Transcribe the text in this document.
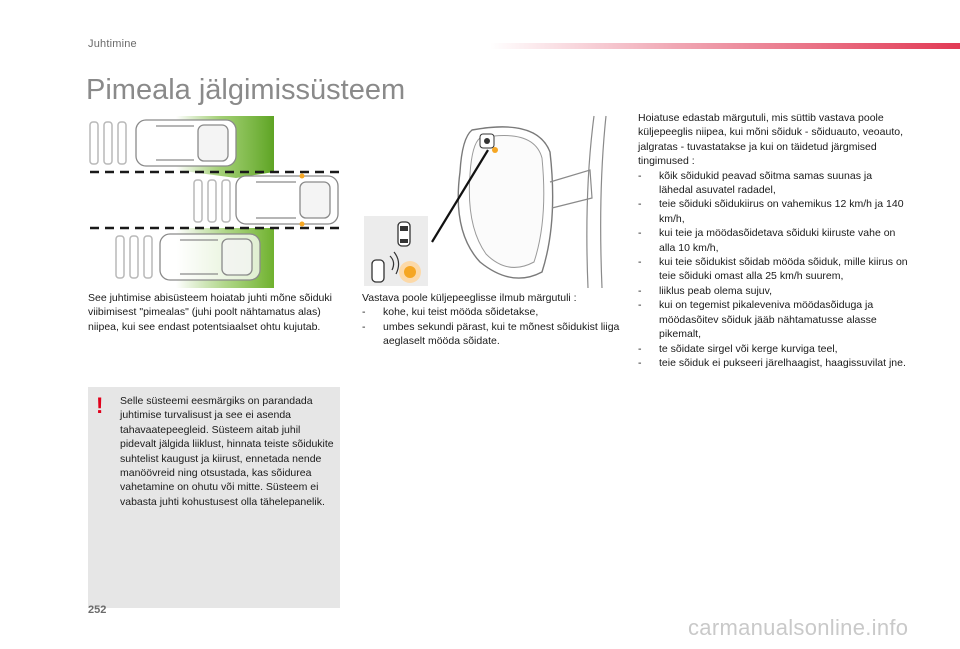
Juhtimine
Pimeala jälgimissüsteem

See juhtimise abisüsteem hoiatab juhti mõne sõiduki viibimisest "pimealas" (juhi poolt nähtamatus alas) niipea, kui see endast potentsiaalset ohtu kujutab.

! Selle süsteemi eesmärgiks on parandada juhtimise turvalisust ja see ei asenda tahavaatepeegleid. Süsteem aitab juhil pidevalt jälgida liiklust, hinnata teiste sõidukite suhtelist kaugust ja kiirust, ennetada nende manöövreid ning otsustada, kas sõidurea vahetamine on ohutu või mitte. Süsteem ei vabasta juhti kohustusest olla tähelepanelik.

Vastava poole küljepeeglisse ilmub märgutuli :
- kohe, kui teist mööda sõidetakse,
- umbes sekundi pärast, kui te mõnest sõidukist liiga aeglaselt mööda sõidate.
Hoiatuse edastab märgutuli, mis süttib vastava poole küljepeeglis niipea, kui mõni sõiduk - sõiduauto, veoauto, jalgratas - tuvastatakse ja kui on täidetud järgmised tingimused :
- kõik sõidukid peavad sõitma samas suunas ja lähedal asuvatel radadel,
- teie sõiduki sõidukiirus on vahemikus 12 km/h ja 140 km/h,
- kui teie ja möödasõidetava sõiduki kiiruste vahe on alla 10 km/h,
- kui teie sõidukist sõidab mööda sõiduk, mille kiirus on teie sõiduki omast alla 25 km/h suurem,
- liiklus peab olema sujuv,
- kui on tegemist pikaleveniva möödasõiduga ja möödasõitev sõiduk jääb nähtamatusse alasse pikemalt,
- te sõidate sirgel või kerge kurviga teel,
- teie sõiduk ei pukseeri järelhaagist, haagissuvilat jne.
252
carmanualsonline.info
